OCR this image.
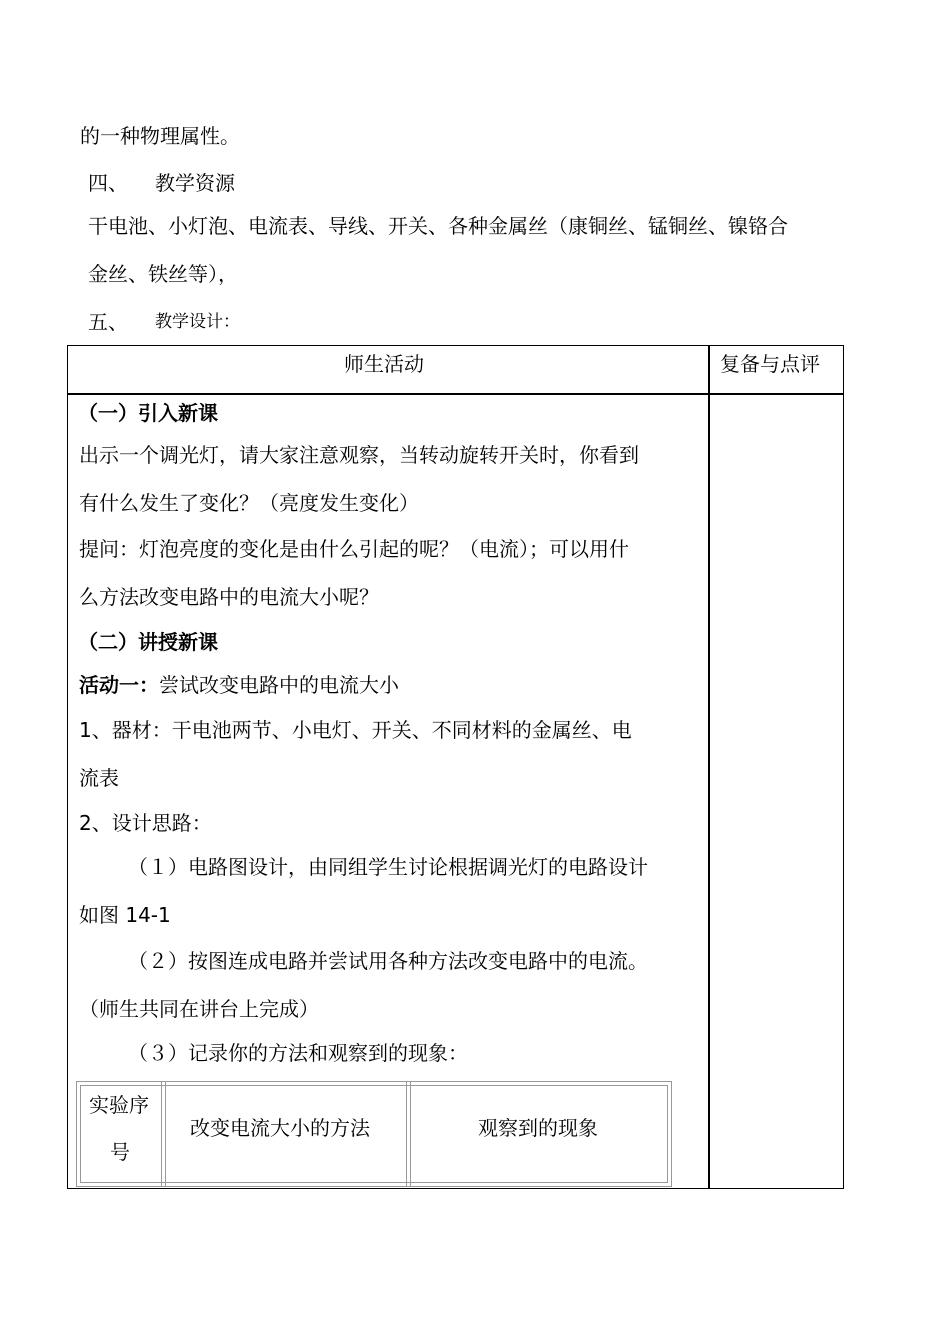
的一种物理属性。
四、 教学资源
干电池、小灯泡、电流表、导线、开关、各种金属丝（康铜丝、锰铜丝、镍铬合
金丝、铁丝等），
五、 教学设计：
师生活动	复备与点评
（一）引入新课
出示一个调光灯，请大家注意观察，当转动旋转开关时，你看到
有什么发生了变化？（亮度发生变化）
提问：灯泡亮度的变化是由什么引起的呢？（电流）；可以用什
么方法改变电路中的电流大小呢？
（二）讲授新课
活动一：尝试改变电路中的电流大小
1、器材：干电池两节、小电灯、开关、不同材料的金属丝、电
流表
2、设计思路：
（１）电路图设计，由同组学生讨论根据调光灯的电路设计
如图 14-1
（２）按图连成电路并尝试用各种方法改变电路中的电流。
（师生共同在讲台上完成）
（３）记录你的方法和观察到的现象：
实验序
号
改变电流大小的方法	观察到的现象
